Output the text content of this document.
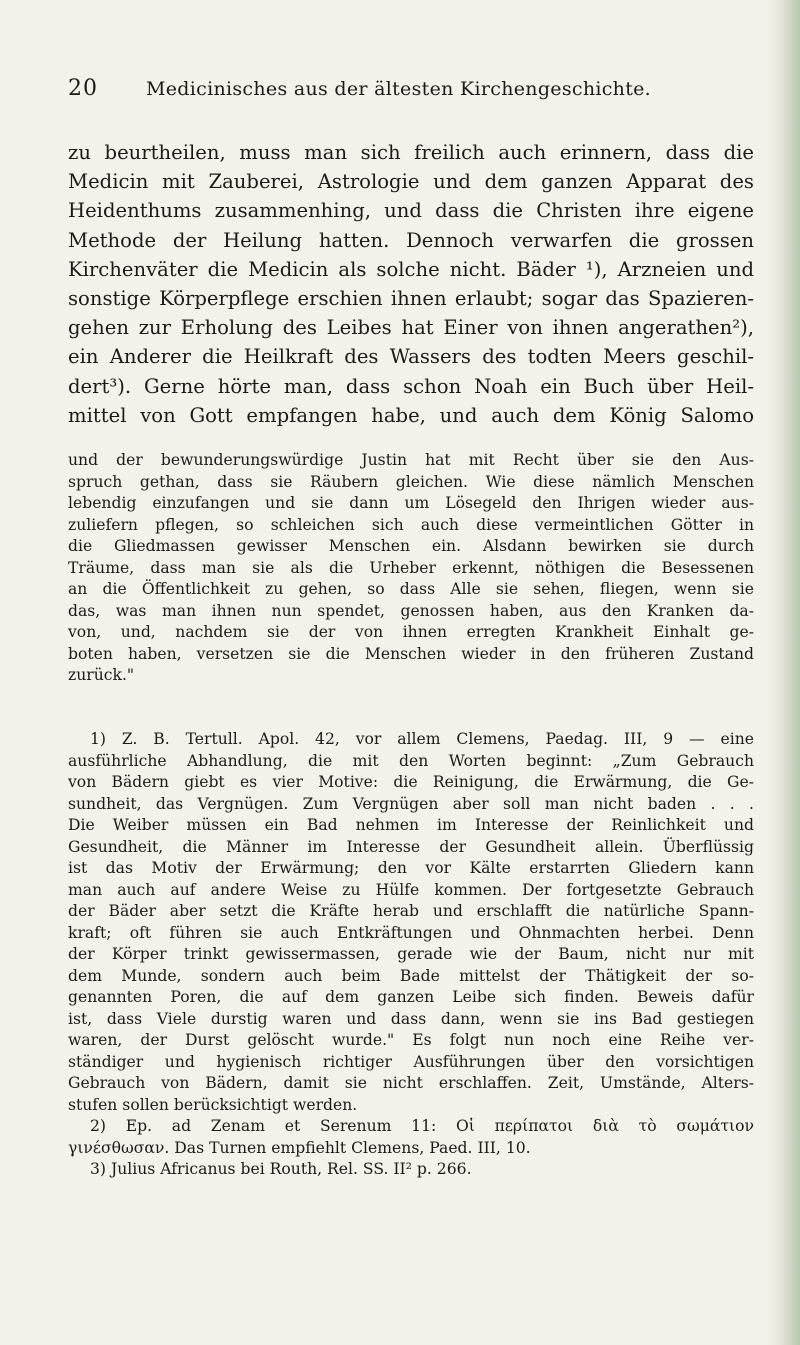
20	Medicinisches aus der ältesten Kirchengeschichte.
zu beurtheilen, muss man sich freilich auch erinnern, dass die
Medicin mit Zauberei, Astrologie und dem ganzen Apparat des
Heidenthums zusammenhing, und dass die Christen ihre eigene
Methode der Heilung hatten. Dennoch verwarfen die grossen
Kirchenväter die Medicin als solche nicht. Bäder ¹), Arzneien und
sonstige Körperpflege erschien ihnen erlaubt; sogar das Spazieren-
gehen zur Erholung des Leibes hat Einer von ihnen angerathen²),
ein Anderer die Heilkraft des Wassers des todten Meers geschil-
dert³). Gerne hörte man, dass schon Noah ein Buch über Heil-
mittel von Gott empfangen habe, und auch dem König Salomo
und der bewunderungswürdige Justin hat mit Recht über sie den Aus-
spruch gethan, dass sie Räubern gleichen. Wie diese nämlich Menschen
lebendig einzufangen und sie dann um Lösegeld den Ihrigen wieder aus-
zuliefern pflegen, so schleichen sich auch diese vermeintlichen Götter in
die Gliedmassen gewisser Menschen ein. Alsdann bewirken sie durch
Träume, dass man sie als die Urheber erkennt, nöthigen die Besessenen
an die Öffentlichkeit zu gehen, so dass Alle sie sehen, fliegen, wenn sie
das, was man ihnen nun spendet, genossen haben, aus den Kranken da-
von, und, nachdem sie der von ihnen erregten Krankheit Einhalt ge-
boten haben, versetzen sie die Menschen wieder in den früheren Zustand
zurück."
1) Z. B. Tertull. Apol. 42, vor allem Clemens, Paedag. III, 9 — eine
ausführliche Abhandlung, die mit den Worten beginnt: „Zum Gebrauch
von Bädern giebt es vier Motive: die Reinigung, die Erwärmung, die Ge-
sundheit, das Vergnügen. Zum Vergnügen aber soll man nicht baden . . .
Die Weiber müssen ein Bad nehmen im Interesse der Reinlichkeit und
Gesundheit, die Männer im Interesse der Gesundheit allein. Überflüssig
ist das Motiv der Erwärmung; den vor Kälte erstarrten Gliedern kann
man auch auf andere Weise zu Hülfe kommen. Der fortgesetzte Gebrauch
der Bäder aber setzt die Kräfte herab und erschlafft die natürliche Spann-
kraft; oft führen sie auch Entkräftungen und Ohnmachten herbei. Denn
der Körper trinkt gewissermassen, gerade wie der Baum, nicht nur mit
dem Munde, sondern auch beim Bade mittelst der Thätigkeit der so-
genannten Poren, die auf dem ganzen Leibe sich finden. Beweis dafür
ist, dass Viele durstig waren und dass dann, wenn sie ins Bad gestiegen
waren, der Durst gelöscht wurde." Es folgt nun noch eine Reihe ver-
ständiger und hygienisch richtiger Ausführungen über den vorsichtigen
Gebrauch von Bädern, damit sie nicht erschlaffen. Zeit, Umstände, Alters-
stufen sollen berücksichtigt werden.
2) Ep. ad Zenam et Serenum 11: Οἱ περίπατοι διὰ τὸ σωμάτιον
γινέσθωσαν. Das Turnen empfiehlt Clemens, Paed. III, 10.
3) Julius Africanus bei Routh, Rel. SS. II² p. 266.
